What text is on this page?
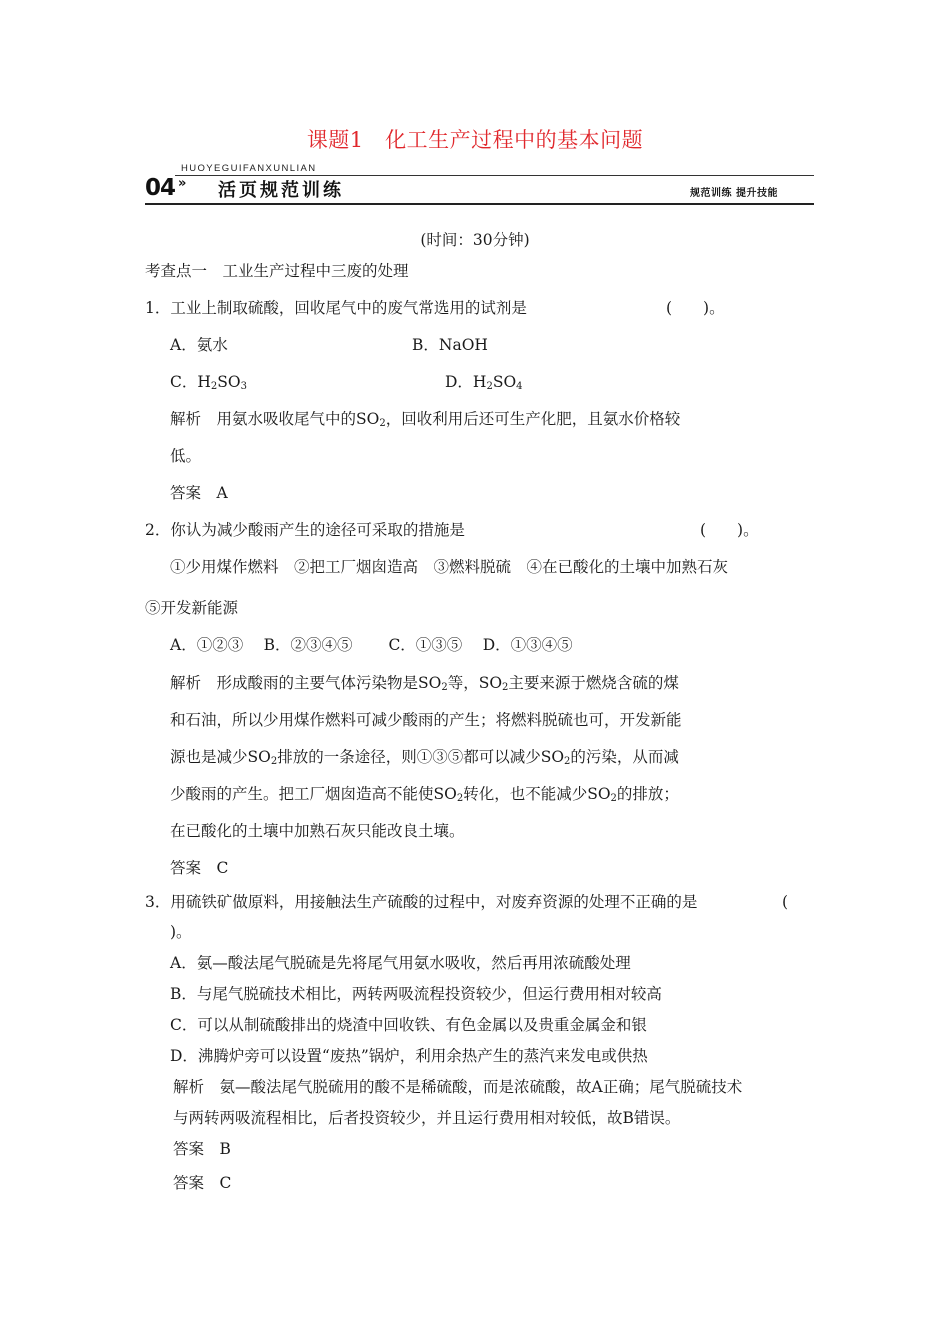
课题1　化工生产过程中的基本问题
HUOYEGUIFANXUNLIAN
04 » 活页规范训练	规范训练 提升技能
(时间：30分钟)
考查点一　工业生产过程中三废的处理
1．工业上制取硫酸，回收尾气中的废气常选用的试剂是	(　　)。
A．氨水	B．NaOH
C．$H_2SO_3$	D．$H_2SO_4$
解析　用氨水吸收尾气中的$SO_2$，回收利用后还可生产化肥，且氨水价格较
低。
答案　A
2．你认为减少酸雨产生的途径可采取的措施是	(　　)。
①少用煤作燃料　②把工厂烟囱造高　③燃料脱硫　④在已酸化的土壤中加熟石灰
⑤开发新能源
A．①②③　 B．②③④⑤　　 C．①③⑤　 D．①③④⑤
解析　形成酸雨的主要气体污染物是$SO_2$等，$SO_2$主要来源于燃烧含硫的煤
和石油，所以少用煤作燃料可减少酸雨的产生；将燃料脱硫也可，开发新能
源也是减少$SO_2$排放的一条途径，则①③⑤都可以减少$SO_2$的污染，从而减
少酸雨的产生。把工厂烟囱造高不能使$SO_2$转化，也不能减少$SO_2$的排放；
在已酸化的土壤中加熟石灰只能改良土壤。
答案　C
3．用硫铁矿做原料，用接触法生产硫酸的过程中，对废弃资源的处理不正确的是	(
)。
A．氨—酸法尾气脱硫是先将尾气用氨水吸收，然后再用浓硫酸处理
B．与尾气脱硫技术相比，两转两吸流程投资较少，但运行费用相对较高
C．可以从制硫酸排出的烧渣中回收铁、有色金属以及贵重金属金和银
D．沸腾炉旁可以设置“废热”锅炉，利用余热产生的蒸汽来发电或供热
解析　氨—酸法尾气脱硫用的酸不是稀硫酸，而是浓硫酸，故A正确；尾气脱硫技术
与两转两吸流程相比，后者投资较少，并且运行费用相对较低，故B错误。
答案　B
答案　C
